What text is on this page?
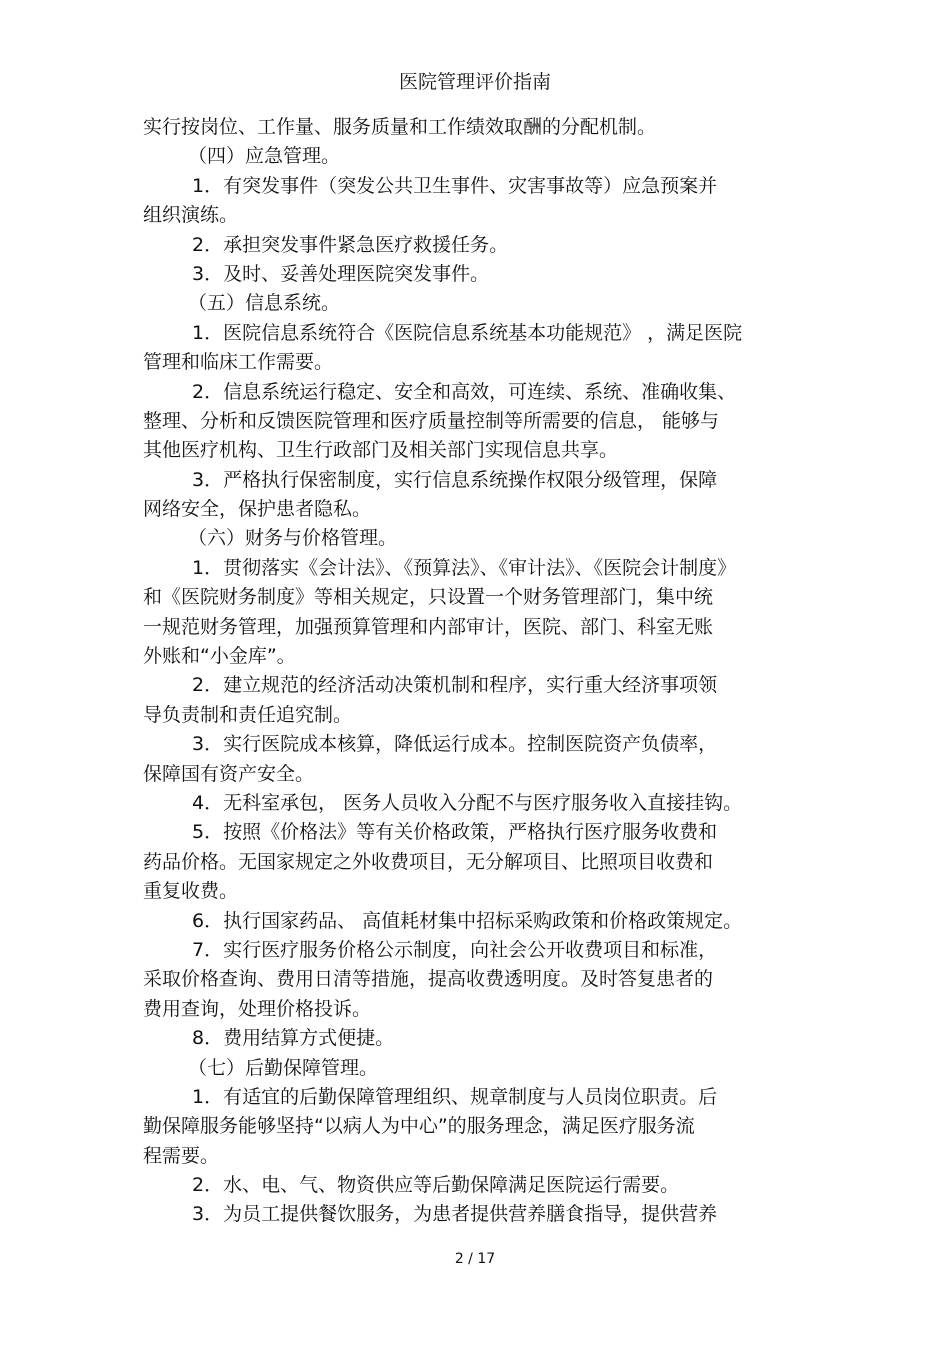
医院管理评价指南
实行按岗位、工作量、服务质量和工作绩效取酬的分配机制。
（四）应急管理。
1．有突发事件（突发公共卫生事件、灾害事故等）应急预案并
组织演练。
2．承担突发事件紧急医疗救援任务。
3．及时、妥善处理医院突发事件。
（五）信息系统。
1．医院信息系统符合《医院信息系统基本功能规范》 ，满足医院
管理和临床工作需要。
2．信息系统运行稳定、安全和高效，可连续、系统、准确收集、
整理、分析和反馈医院管理和医疗质量控制等所需要的信息， 能够与
其他医疗机构、卫生行政部门及相关部门实现信息共享。
3．严格执行保密制度，实行信息系统操作权限分级管理，保障
网络安全，保护患者隐私。
（六）财务与价格管理。
1．贯彻落实《会计法》、《预算法》、《审计法》、《医院会计制度》
和《医院财务制度》等相关规定，只设置一个财务管理部门，集中统
一规范财务管理，加强预算管理和内部审计，医院、部门、科室无账
外账和“小金库”。
2．建立规范的经济活动决策机制和程序，实行重大经济事项领
导负责制和责任追究制。
3．实行医院成本核算，降低运行成本。控制医院资产负债率，
保障国有资产安全。
4．无科室承包， 医务人员收入分配不与医疗服务收入直接挂钩。
5．按照《价格法》等有关价格政策，严格执行医疗服务收费和
药品价格。无国家规定之外收费项目，无分解项目、比照项目收费和
重复收费。
6．执行国家药品、 高值耗材集中招标采购政策和价格政策规定。
7．实行医疗服务价格公示制度，向社会公开收费项目和标准，
采取价格查询、费用日清等措施，提高收费透明度。及时答复患者的
费用查询，处理价格投诉。
8．费用结算方式便捷。
（七）后勤保障管理。
1．有适宜的后勤保障管理组织、规章制度与人员岗位职责。后
勤保障服务能够坚持“以病人为中心”的服务理念，满足医疗服务流
程需要。
2．水、电、气、物资供应等后勤保障满足医院运行需要。
3．为员工提供餐饮服务，为患者提供营养膳食指导，提供营养
2 / 17
